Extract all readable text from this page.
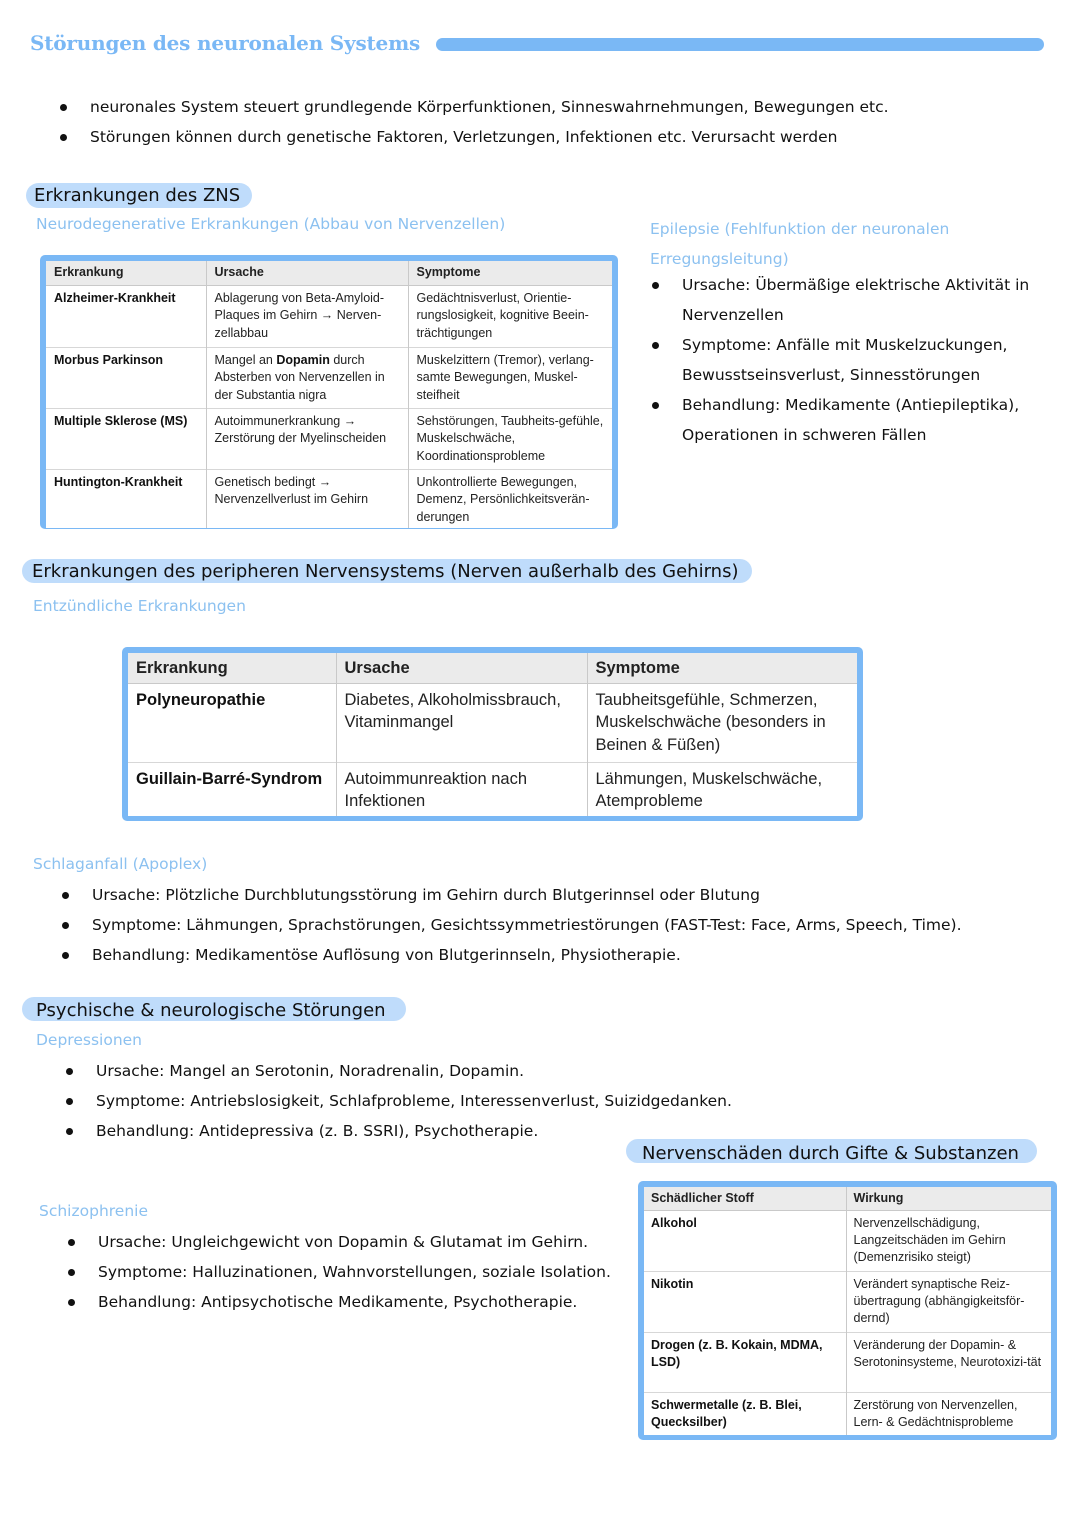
Störungen des neuronalen Systems
neuronales System steuert grundlegende Körperfunktionen, Sinneswahrnehmungen, Bewegungen etc.
Störungen können durch genetische Faktoren, Verletzungen, Infektionen etc. Verursacht werden
Erkrankungen des ZNS
Neurodegenerative Erkrankungen (Abbau von Nervenzellen)
Erkrankung	Ursache	Symptome
Alzheimer-Krankheit	Ablagerung von Beta-Amyloid-Plaques im Gehirn → Nerven-zellabbau	Gedächtnisverlust, Orientie-rungslosigkeit, kognitive Beein-trächtigungen
Morbus Parkinson	Mangel an Dopamin durch Absterben von Nervenzellen in der Substantia nigra	Muskelzittern (Tremor), verlang-samte Bewegungen, Muskel-steifheit
Multiple Sklerose (MS)	Autoimmunerkrankung → Zerstörung der Myelinscheiden	Sehstörungen, Taubheits-gefühle, Muskelschwäche, Koordinationsprobleme
Huntington-Krankheit	Genetisch bedingt → Nervenzellverlust im Gehirn	Unkontrollierte Bewegungen, Demenz, Persönlichkeitsverän-derungen
Epilepsie (Fehlfunktion der neuronalen Erregungsleitung)
Ursache: Übermäßige elektrische Aktivität in Nervenzellen
Symptome: Anfälle mit Muskelzuckungen, Bewusstseinsverlust, Sinnesstörungen
Behandlung: Medikamente (Antiepileptika), Operationen in schweren Fällen
Erkrankungen des peripheren Nervensystems (Nerven außerhalb des Gehirns)
Entzündliche Erkrankungen
Erkrankung	Ursache	Symptome
Polyneuropathie	Diabetes, Alkoholmissbrauch, Vitaminmangel	Taubheitsgefühle, Schmerzen, Muskelschwäche (besonders in Beinen & Füßen)
Guillain-Barré-Syndrom	Autoimmunreaktion nach Infektionen	Lähmungen, Muskelschwäche, Atemprobleme
Schlaganfall (Apoplex)
Ursache: Plötzliche Durchblutungsstörung im Gehirn durch Blutgerinnsel oder Blutung
Symptome: Lähmungen, Sprachstörungen, Gesichtssymmetriestörungen (FAST-Test: Face, Arms, Speech, Time).
Behandlung: Medikamentöse Auflösung von Blutgerinnseln, Physiotherapie.
Psychische & neurologische Störungen
Depressionen
Ursache: Mangel an Serotonin, Noradrenalin, Dopamin.
Symptome: Antriebslosigkeit, Schlafprobleme, Interessenverlust, Suizidgedanken.
Behandlung: Antidepressiva (z. B. SSRI), Psychotherapie.
Schizophrenie
Ursache: Ungleichgewicht von Dopamin & Glutamat im Gehirn.
Symptome: Halluzinationen, Wahnvorstellungen, soziale Isolation.
Behandlung: Antipsychotische Medikamente, Psychotherapie.
Nervenschäden durch Gifte & Substanzen
Schädlicher Stoff	Wirkung
Alkohol	Nervenzellschädigung, Langzeitschäden im Gehirn (Demenzrisiko steigt)
Nikotin	Verändert synaptische Reiz-übertragung (abhängigkeitsför-dernd)
Drogen (z. B. Kokain, MDMA, LSD)	Veränderung der Dopamin- & Serotoninsysteme, Neurotoxizi-tät
Schwermetalle (z. B. Blei, Quecksilber)	Zerstörung von Nervenzellen, Lern- & Gedächtnisprobleme
